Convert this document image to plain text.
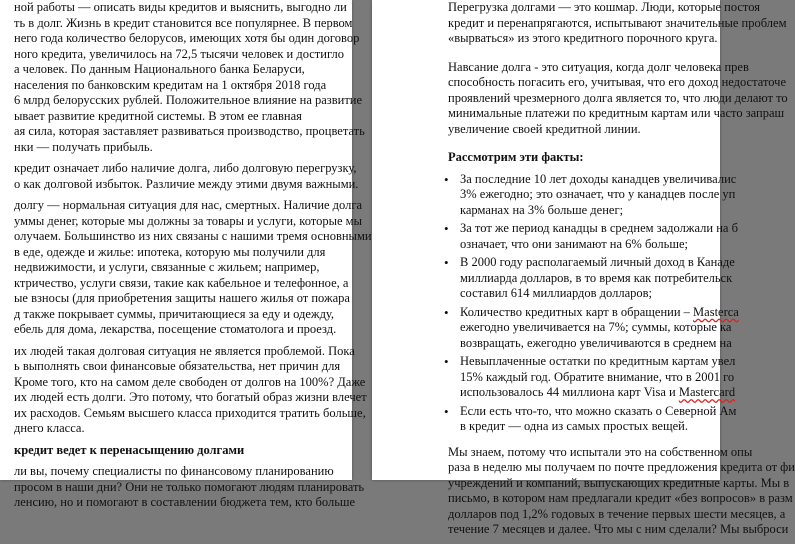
ной работы — описать виды кредитов и выяснить, выгодно ли
ть в долг. Жизнь в кредит становится все популярнее. В первом
него года количество белорусов, имеющих хотя бы один договор
ного кредита, увеличилось на 72,5 тысячи человек и достигло
а человек. По данным Национального банка Беларуси,
населения по банковским кредитам на 1 октября 2018 года
6 млрд белорусских рублей. Положительное влияние на развитие
ывает развитие кредитной системы. В этом ее главная
ая сила, которая заставляет развиваться производство, процветать
нки — получать прибыль.
кредит означает либо наличие долга, либо долговую перегрузку,
о как долговой избыток. Различие между этими двумя важными.
долгу — нормальная ситуация для нас, смертных. Наличие долга
уммы денег, которые мы должны за товары и услуги, которые мы
олучаем. Большинство из них связаны с нашими тремя основными
в еде, одежде и жилье: ипотека, которую мы получили для
недвижимости, и услуги, связанные с жильем; например,
ктричество, услуги связи, такие как кабельное и телефонное, а
ые взносы (для приобретения защиты нашего жилья от пожара
д также покрывает суммы, причитающиеся за еду и одежду,
ебель для дома, лекарства, посещение стоматолога и проезд.
их людей такая долговая ситуация не является проблемой. Пока
ь выполнять свои финансовые обязательства, нет причин для
Кроме того, кто на самом деле свободен от долгов на 100%? Даже
их людей есть долги. Это потому, что богатый образ жизни влечет
их расходов. Семьям высшего класса приходится тратить больше,
днего класса.
кредит ведет к перенасыщению долгами
ли вы, почему специалисты по финансовому планированию
просом в наши дни? Они не только помогают людям планировать
ленсию, но и помогают в составлении бюджета тем, кто больше
Перегрузка долгами — это кошмар. Люди, которые постоя
кредит и перенапрягаются, испытывают значительные проблем
«вырваться» из этого кредитного порочного круга.
Навсание долга - это ситуация, когда долг человека прев
способность погасить его, учитывая, что его доход недостаточе
проявлений чрезмерного долга является то, что люди делают то
минимальные платежи по кредитным картам или часто запраш
увеличение своей кредитной линии.
Рассмотрим эти факты:
• За последние 10 лет доходы канадцев увеличивалис
3% ежегодно; это означает, что у канадцев после уп
карманах на 3% больше денег;
• За тот же период канадцы в среднем задолжали на б
означает, что они занимают на 6% больше;
• В 2000 году располагаемый личный доход в Канаде
миллиарда долларов, в то время как потребительск
составил 614 миллиардов долларов;
• Количество кредитных карт в обращении – Masterca
ежегодно увеличивается на 7%; суммы, которые ка
возвращать, ежегодно увеличиваются в среднем на
• Невыплаченные остатки по кредитным картам увел
15% каждый год. Обратите внимание, что в 2001 го
использовалось 44 миллиона карт Visa и Mastercard
• Если есть что-то, что можно сказать о Северной Ам
в кредит — одна из самых простых вещей.
Мы знаем, потому что испытали это на собственном опы
раза в неделю мы получаем по почте предложения кредита от фи
учреждений и компаний, выпускающих кредитные карты. Мы в
письмо, в котором нам предлагали кредит «без вопросов» в разм
долларов под 1,2% годовых в течение первых шести месяцев, а
течение 7 месяцев и далее. Что мы с ним сделали? Мы выброси
